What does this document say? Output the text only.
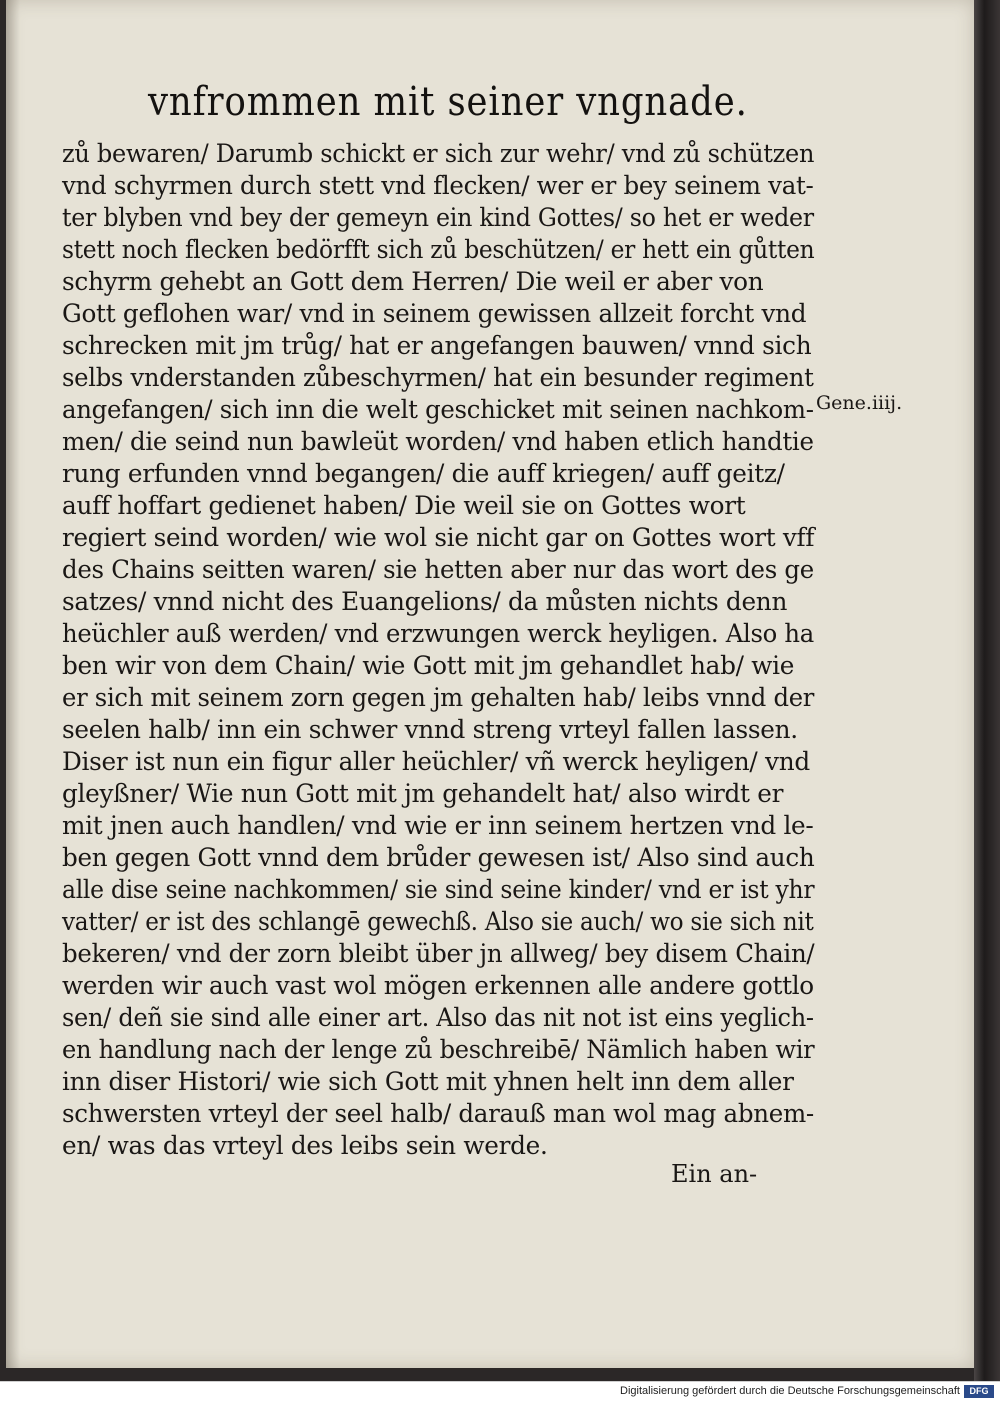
vnfrommen mit seiner vngnade.
zů bewaren/ Darumb schickt er sich zur wehr/ vnd zů schützen
vnd schyrmen durch stett vnd flecken/ wer er bey seinem vat-
ter blyben vnd bey der gemeyn ein kind Gottes/ so het er weder
stett noch flecken bedörfft sich zů beschützen/ er hett ein gůtten
schyrm gehebt an Gott dem Herren/ Die weil er aber von
Gott geflohen war/ vnd in seinem gewissen allzeit forcht vnd
schrecken mit jm trůg/ hat er angefangen bauwen/ vnnd sich
selbs vnderstanden zůbeschyrmen/ hat ein besunder regiment
angefangen/ sich inn die welt geschicket mit seinen nachkom-
men/ die seind nun bawleüt worden/ vnd haben etlich handtie
rung erfunden vnnd begangen/ die auff kriegen/ auff geitz/
auff hoffart gedienet haben/ Die weil sie on Gottes wort
regiert seind worden/ wie wol sie nicht gar on Gottes wort vff
des Chains seitten waren/ sie hetten aber nur das wort des ge
satzes/ vnnd nicht des Euangelions/ da můsten nichts denn
heüchler auß werden/ vnd erzwungen werck heyligen. Also ha
ben wir von dem Chain/ wie Gott mit jm gehandlet hab/ wie
er sich mit seinem zorn gegen jm gehalten hab/ leibs vnnd der
seelen halb/ inn ein schwer vnnd streng vrteyl fallen lassen.
Diser ist nun ein figur aller heüchler/ vñ werck heyligen/ vnd
gleyßner/ Wie nun Gott mit jm gehandelt hat/ also wirdt er
mit jnen auch handlen/ vnd wie er inn seinem hertzen vnd le-
ben gegen Gott vnnd dem brůder gewesen ist/ Also sind auch
alle dise seine nachkommen/ sie sind seine kinder/ vnd er ist yhr
vatter/ er ist des schlangē gewechß. Also sie auch/ wo sie sich nit
bekeren/ vnd der zorn bleibt über jn allweg/ bey disem Chain/
werden wir auch vast wol mögen erkennen alle andere gottlo
sen/ deñ sie sind alle einer art. Also das nit not ist eins yeglich-
en handlung nach der lenge zů beschreibē/ Nämlich haben wir
inn diser Histori/ wie sich Gott mit yhnen helt inn dem aller
schwersten vrteyl der seel halb/ darauß man wol mag abnem-
en/ was das vrteyl des leibs sein werde.
Gene.iiij.
Ein an-
Digitalisierung gefördert durch die Deutsche Forschungsgemeinschaft	DFG
